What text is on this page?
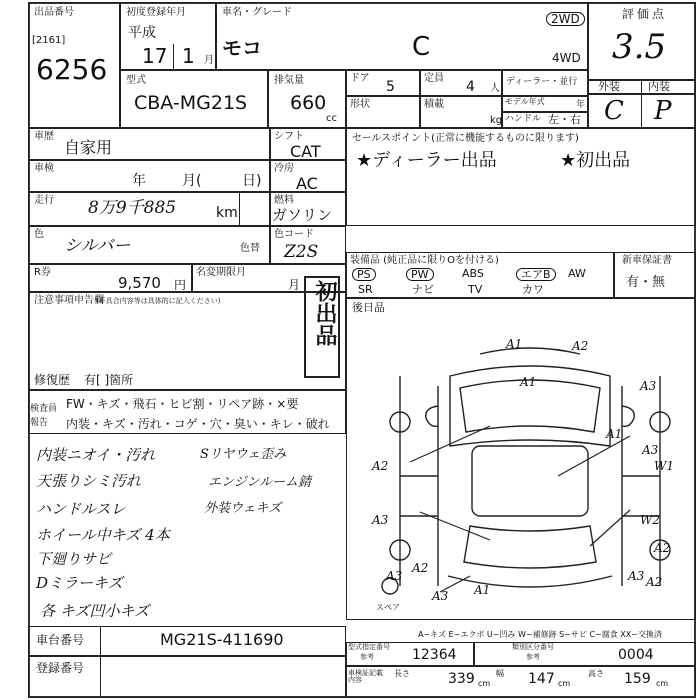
出品番号
[2161]
6256
初度登録年月
平成
17 1 月
車名・グレード
モコ	C
2WD
4WD
評価点
3.5
型式
CBA-MG21S
排気量
660
cc
ドア
5
定員
4 人
ディーラー・並行
形状	積載
kg
モデル年式	年
ハンドル 左・右
外装	内装
C P
車歴
自家用
車検
年	月(	日)
走行 8万9千885	km
色
シルバー	色替
R券
9,570 円
名変期限月
月
シフト
CAT
冷房
AC
燃料
ガソリン
色コード
Z2S
セールスポイント(正常に機能するものに限ります)
★ディーラー出品	★初出品
装備品 (純正品に限りΟを付ける)	新車保証書
有・無
PS	PW	ABS	エアB	AW
SR	ナビ	TV	カワ
後日品
注意事項申告欄
(不具合内容等は具体的に記入ください)	初出品
修復歴 有[ ]箇所
検査員報告
FW・キズ・飛石・ヒビ割・リペア跡・×要
内装・キズ・汚れ・コゲ・穴・臭い・キレ・破れ
内装ニオイ・汚れ	Sリヤウェ歪み
天張りシミ汚れ	エンジンルーム錆
ハンドルスレ	外装ウェキズ
ホイール中キズ 4本
下廻りサビ
Dミラーキズ
各 キズ凹小キズ
A1	A2
A1	A3
A1
A2
A3
W1
A3	W2
A2
A3
A2
A3
A3 A1
A2
スペア
A~キズ E~エクボ U~凹み W~補修跡 S~サビ C~腐食 XX~交換済
車台番号	MG21S-411690
登録番号
型式指定番号
参考	12364	類別区分番号
参考	0004
車検証記載内容
長さ	339 cm
幅 147 cm
高さ 159 cm
